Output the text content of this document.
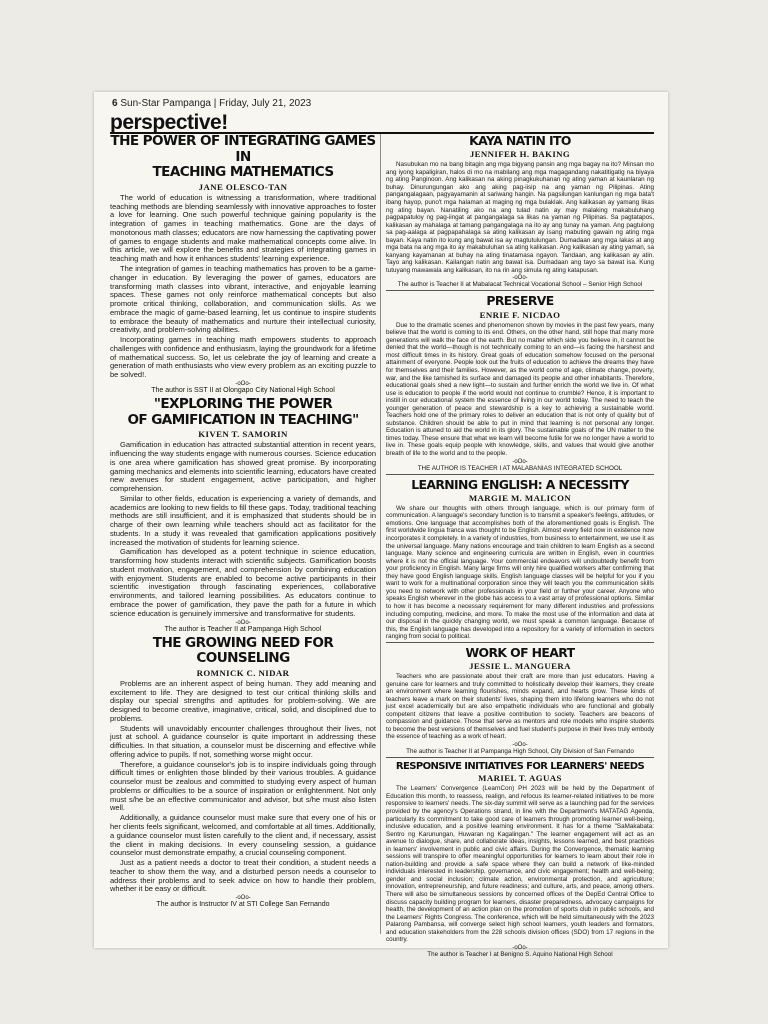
6 Sun-Star Pampanga | Friday, July 21, 2023
perspective!
THE POWER OF INTEGRATING GAMES IN
TEACHING MATHEMATICS
JANE OLESCO-TAN

The world of education is witnessing a transformation, where traditional teaching methods are blending seamlessly with innovative approaches to foster a love for learning. One such powerful technique gaining popularity is the integration of games in teaching mathematics. Gone are the days of monotonous math classes; educators are now harnessing the captivating power of games to engage students and make mathematical concepts come alive. In this article, we will explore the benefits and strategies of integrating games in teaching math and how it enhances students' learning experience.

The integration of games in teaching mathematics has proven to be a game-changer in education. By leveraging the power of games, educators are transforming math classes into vibrant, interactive, and enjoyable learning spaces. These games not only reinforce mathematical concepts but also promote critical thinking, collaboration, and communication skills. As we embrace the magic of game-based learning, let us continue to inspire students to embrace the beauty of mathematics and nurture their intellectual curiosity, creativity, and problem-solving abilities.

Incorporating games in teaching math empowers students to approach challenges with confidence and enthusiasm, laying the groundwork for a lifetime of mathematical success. So, let us celebrate the joy of learning and create a generation of math enthusiasts who view every problem as an exciting puzzle to be solved!.

-oOo-
The author is SST II at Olongapo City National High School
"EXPLORING THE POWER
OF GAMIFICATION IN TEACHING"
KIVEN T. SAMORIN

Gamification in education has attracted substantial attention in recent years, influencing the way students engage with numerous courses. Science education is one area where gamification has showed great promise. By incorporating gaming mechanics and elements into scientific learning, educators have created new avenues for student engagement, active participation, and higher comprehension.

Similar to other fields, education is experiencing a variety of demands, and academics are looking to new fields to fill these gaps. Today, traditional teaching methods are still insufficient, and it is emphasized that students should be in charge of their own learning while teachers should act as facilitator for the students. In a study it was revealed that gamification applications positively increased the motivation of students for learning science.

Gamification has developed as a potent technique in science education, transforming how students interact with scientific subjects. Gamification boosts student motivation, engagement, and comprehension by combining education with enjoyment. Students are enabled to become active participants in their scientific investigation through fascinating experiences, collaborative environments, and tailored learning possibilities. As educators continue to embrace the power of gamification, they pave the path for a future in which science education is genuinely immersive and transformative for students.

-oOo-
The author is Teacher II at Pampanga High School
THE GROWING NEED FOR COUNSELING
ROMNICK C. NIDAR

Problems are an inherent aspect of being human. They add meaning and excitement to life. They are designed to test our critical thinking skills and display our special strengths and aptitudes for problem-solving. We are designed to become creative, imaginative, critical, solid, and disciplined due to problems.

Students will unavoidably encounter challenges throughout their lives, not just at school. A guidance counselor is quite important in addressing these difficulties. In that situation, a counselor must be discerning and effective while offering advice to pupils. If not, something worse might occur.

Therefore, a guidance counselor's job is to inspire individuals going through difficult times or enlighten those blinded by their various troubles. A guidance counselor must be zealous and committed to studying every aspect of human problems or difficulties to be a source of inspiration or enlightenment. Not only must s/he be an effective communicator and advisor, but s/he must also listen well.

Additionally, a guidance counselor must make sure that every one of his or her clients feels significant, welcomed, and comfortable at all times. Additionally, a guidance counselor must listen carefully to the client and, if necessary, assist the client in making decisions. In every counseling session, a guidance counselor must demonstrate empathy, a crucial counseling component.

Just as a patient needs a doctor to treat their condition, a student needs a teacher to show them the way, and a disturbed person needs a counselor to address their problems and to seek advice on how to handle their problem, whether it be easy or difficult.

-oOo-
The author is Instructor IV at STI College San Fernando
KAYA NATIN ITO
JENNIFER H. BAKING

Nasubukan mo na bang bitagin ang mga bigyang pansin ang mga bagay na ito? Minsan mo ang iyong kapaligiran, halos di mo na mabilang ang mga magagandang nakatitigatig na biyaya ng ating Panginoon. Ang kalikasan na aking pinagkukuhanan ng ating yaman at kaunlaran ng buhay. Dinurungungan ako ang aking pag-iisip na ang yaman ng Pilipinas. Ating pangangalagaan, pagyayamanin at sariwang hangin. Na pagsilungan kanlungan ng mga bata't ibang hayop, puno't mga halaman at maging ng mga bulaklak. Ang kalikasan ay yamang likas ng ating bayan. Nanatiling ako na ang tulad natin ay may malaking makabuluhang pagpapatuloy ng pag-iingat at pangangalaga sa likas na yaman ng Pilipinas. Sa pagtatapos, kalikasan ay mahalaga at tamang pangangalaga na ito ay ang tunay na yaman. Ang pagtulong sa pag-aalaga at pagpapahalaga sa ating kalikasan ay isang mabuting gawain ng ating mga bayan. Kaya natin ito kung ang bawat isa ay magtutulungan. Dumadaan ang mga lakas at ang mga bata na ang mga ito ay makabuluhan sa ating kalikasan. Ang kalikasan ay ating yaman, sa kanyang kayamanan at buhay na ating tinatamasa ngayon. Tandaan, ang kalikasan ay atin. Tayo ang kalikasan. Kailangan natin ang bawat isa. Dumadaan ang tayo sa bawat isa. Kung tutuyang mawawala ang kalikasan, ito na rin ang simula ng ating katapusan.

-oOo-
The author is Teacher II at Mabalacat Technical Vocational School – Senior High School
PRESERVE
ENRIE F. NICDAO

Due to the dramatic scenes and phenomenon shown by movies in the past few years, many believe that the world is coming to its end. Others, on the other hand, still hope that many more generations will walk the face of the earth. But no matter which side you believe in, it cannot be denied that the world—though is not technically coming to an end—is facing the harshest and most difficult times in its history. Great goals of education somehow focused on the personal attainment of everyone. People look out the fruits of education to achieve the dreams they have for themselves and their families. However, as the world come of age, climate change, poverty, war, and the like tarnished its surface and damaged its people and other inhabitants. Therefore, educational goals shed a new light—to sustain and further enrich the world we live in. Of what use is education to people if the world would not continue to crumble? Hence, it is important to instill in our educational system the essence of living in our world today. The need to teach the younger generation of peace and stewardship is a key to achieving a sustainable world. Teachers hold one of the primary roles to deliver an education that is not only of quality but of substance. Children should be able to put in mind that learning is not personal any longer. Education is attuned to aid the world in its glory. The sustainable goals of the UN matter to the times today. These ensure that what we learn will become futile for we no longer have a world to live in. These goals equip people with knowledge, skills, and values that would give another breath of life to the world and to the people.

-oOo-
THE AUTHOR IS TEACHER I AT MALABANIAS INTEGRATED SCHOOL
LEARNING ENGLISH: A NECESSITY
MARGIE M. MALICON

We share our thoughts with others through language, which is our primary form of communication. A language's secondary function is to transmit a speaker's feelings, attitudes, or emotions. One language that accomplishes both of the aforementioned goals is English. The first worldwide lingua franca was thought to be English. Almost every field now in existence now incorporates it completely. In a variety of industries, from business to entertainment, we use it as the universal language. Many nations encourage and train children to learn English as a second language. Many science and engineering curricula are written in English, even in countries where it is not the official language. Your commercial endeavors will undoubtedly benefit from your proficiency in English. Many large firms will only hire qualified workers after confirming that they have good English language skills. English language classes will be helpful for you if you want to work for a multinational corporation since they will teach you the communication skills you need to network with other professionals in your field or further your career. Anyone who speaks English wherever in the globe has access to a vast array of professional options. Similar to how it has become a necessary requirement for many different industries and professions including computing, medicine, and more. To make the most use of the information and data at our disposal in the quickly changing world, we must speak a common language. Because of this, the English language has developed into a repository for a variety of information in sectors ranging from social to political.

WORK OF HEART
JESSIE L. MANGUERA

Teachers who are passionate about their craft are more than just educators. Having a genuine care for learners and truly committed to holistically develop their learners, they create an environment where learning flourishes, minds expand, and hearts grow. These kinds of teachers leave a mark on their students' lives, shaping them into lifelong learners who do not just excel academically but are also empathetic individuals who are functional and globally competent citizens that leave a positive contribution to society. Teachers are beacons of compassion and guidance. Those that serve as mentors and role models who inspire students to become the best versions of themselves and fuel student's purpose in their lives truly embody the essence of teaching as a work of heart.

-oOo-
The author is Teacher II at Pampanga High School, City Division of San Fernando
RESPONSIVE INITIATIVES FOR LEARNERS' NEEDS
MARIEL T. AGUAS

The Learners' Convergence (LearnCon) PH 2023 will be held by the Department of Education this month, to reassess, realign, and refocus its learner-related initiatives to be more responsive to learners' needs. The six-day summit will serve as a launching pad for the services provided by the agency's Operations strand, in line with the Department's MATATAG Agenda, particularly its commitment to take good care of learners through promoting learner well-being, inclusive education, and a positive learning environment. It has for a theme "SaMakabata: Sentro ng Karunungan, Huwaran ng Kagalingan." The learner engagement will act as an avenue to dialogue, share, and collaborate ideas, insights, lessons learned, and best practices in learners' involvement in public and civic affairs. During the Convergence, thematic learning sessions will transpire to offer meaningful opportunities for learners to learn about their role in nation-building and provide a safe space where they can build a network of like-minded individuals interested in leadership, governance, and civic engagement; health and well-being; gender and social inclusion; climate action, environmental protection, and agriculture; innovation, entrepreneurship, and future readiness; and culture, arts, and peace, among others. There will also be simultaneous sessions by concerned offices of the DepEd Central Office to discuss capacity building program for learners, disaster preparedness, advocacy campaigns for health, the development of an action plan on the promotion of sports club in public schools, and the Learners' Rights Congress. The conference, which will be held simultaneously with the 2023 Palarong Pambansa, will converge select high school learners, youth leaders and formators, and education stakeholders from the 228 schools division offices (SDO) from 17 regions in the country.

-oOo-
The author is Teacher I at Benigno S. Aquino National High School
